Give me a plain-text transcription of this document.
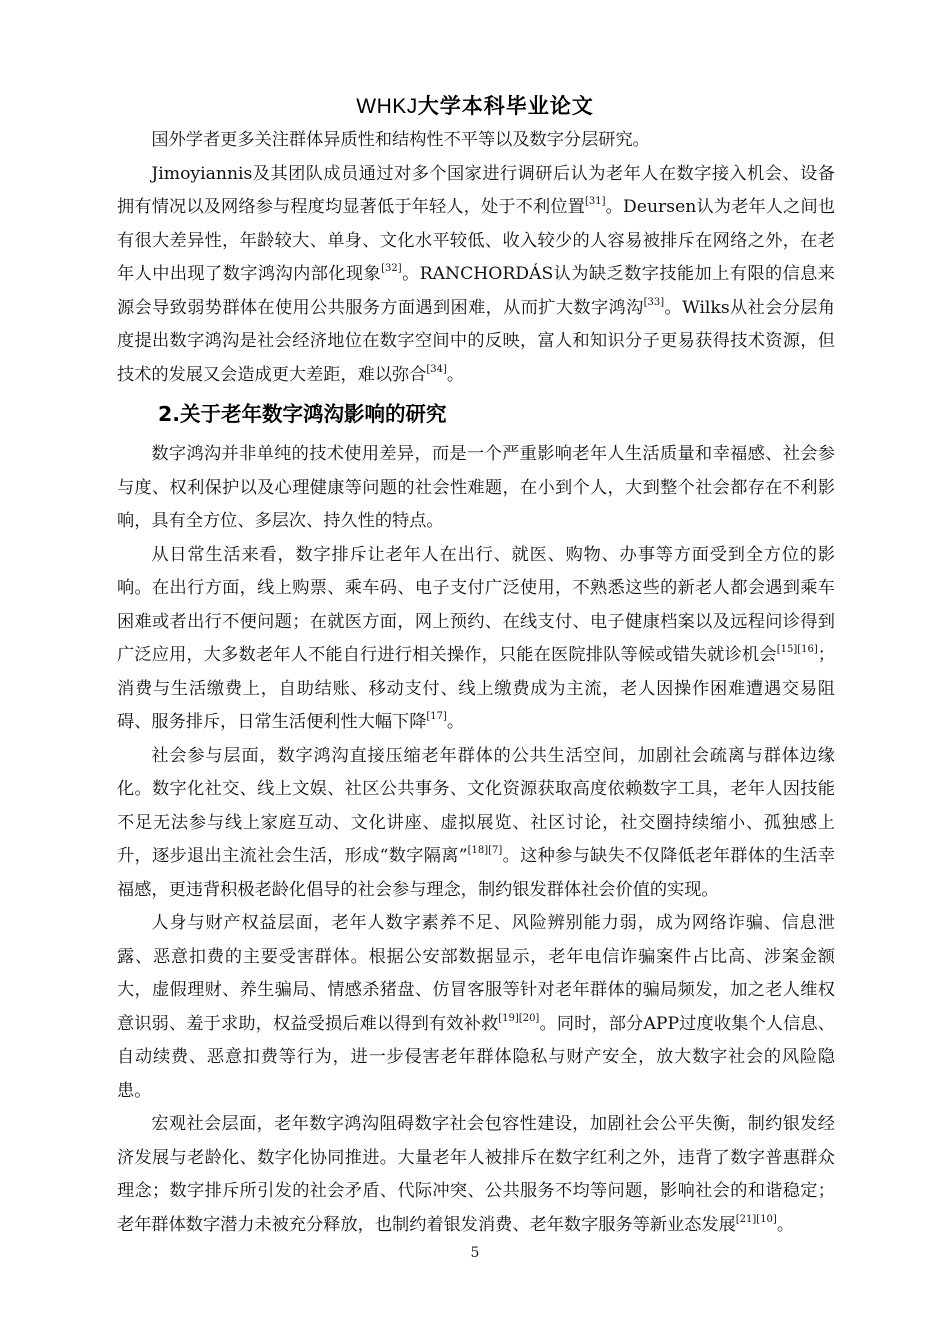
WHKJ大学本科毕业论文

国外学者更多关注群体异质性和结构性不平等以及数字分层研究。

Jimoyiannis及其团队成员通过对多个国家进行调研后认为老年人在数字接入机会、设备拥有情况以及网络参与程度均显著低于年轻人，处于不利位置[31]。Deursen认为老年人之间也有很大差异性，年龄较大、单身、文化水平较低、收入较少的人容易被排斥在网络之外，在老年人中出现了数字鸿沟内部化现象[32]。RANCHORDÁS认为缺乏数字技能加上有限的信息来源会导致弱势群体在使用公共服务方面遇到困难，从而扩大数字鸿沟[33]。Wilks从社会分层角度提出数字鸿沟是社会经济地位在数字空间中的反映，富人和知识分子更易获得技术资源，但技术的发展又会造成更大差距，难以弥合[34]。

2.关于老年数字鸿沟影响的研究

数字鸿沟并非单纯的技术使用差异，而是一个严重影响老年人生活质量和幸福感、社会参与度、权利保护以及心理健康等问题的社会性难题，在小到个人，大到整个社会都存在不利影响，具有全方位、多层次、持久性的特点。

从日常生活来看，数字排斥让老年人在出行、就医、购物、办事等方面受到全方位的影响。在出行方面，线上购票、乘车码、电子支付广泛使用，不熟悉这些的新老人都会遇到乘车困难或者出行不便问题；在就医方面，网上预约、在线支付、电子健康档案以及远程问诊得到广泛应用，大多数老年人不能自行进行相关操作，只能在医院排队等候或错失就诊机会[15][16]；消费与生活缴费上，自助结账、移动支付、线上缴费成为主流，老人因操作困难遭遇交易阻碍、服务排斥，日常生活便利性大幅下降[17]。

社会参与层面，数字鸿沟直接压缩老年群体的公共生活空间，加剧社会疏离与群体边缘化。数字化社交、线上文娱、社区公共事务、文化资源获取高度依赖数字工具，老年人因技能不足无法参与线上家庭互动、文化讲座、虚拟展览、社区讨论，社交圈持续缩小、孤独感上升，逐步退出主流社会生活，形成“数字隔离”[18][7]。这种参与缺失不仅降低老年群体的生活幸福感，更违背积极老龄化倡导的社会参与理念，制约银发群体社会价值的实现。

人身与财产权益层面，老年人数字素养不足、风险辨别能力弱，成为网络诈骗、信息泄露、恶意扣费的主要受害群体。根据公安部数据显示，老年电信诈骗案件占比高、涉案金额大，虚假理财、养生骗局、情感杀猪盘、仿冒客服等针对老年群体的骗局频发，加之老人维权意识弱、羞于求助，权益受损后难以得到有效补救[19][20]。同时，部分APP过度收集个人信息、自动续费、恶意扣费等行为，进一步侵害老年群体隐私与财产安全，放大数字社会的风险隐患。

宏观社会层面，老年数字鸿沟阻碍数字社会包容性建设，加剧社会公平失衡，制约银发经济发展与老龄化、数字化协同推进。大量老年人被排斥在数字红利之外，违背了数字普惠群众理念；数字排斥所引发的社会矛盾、代际冲突、公共服务不均等问题，影响社会的和谐稳定；老年群体数字潜力未被充分释放，也制约着银发消费、老年数字服务等新业态发展[21][10]。

5
